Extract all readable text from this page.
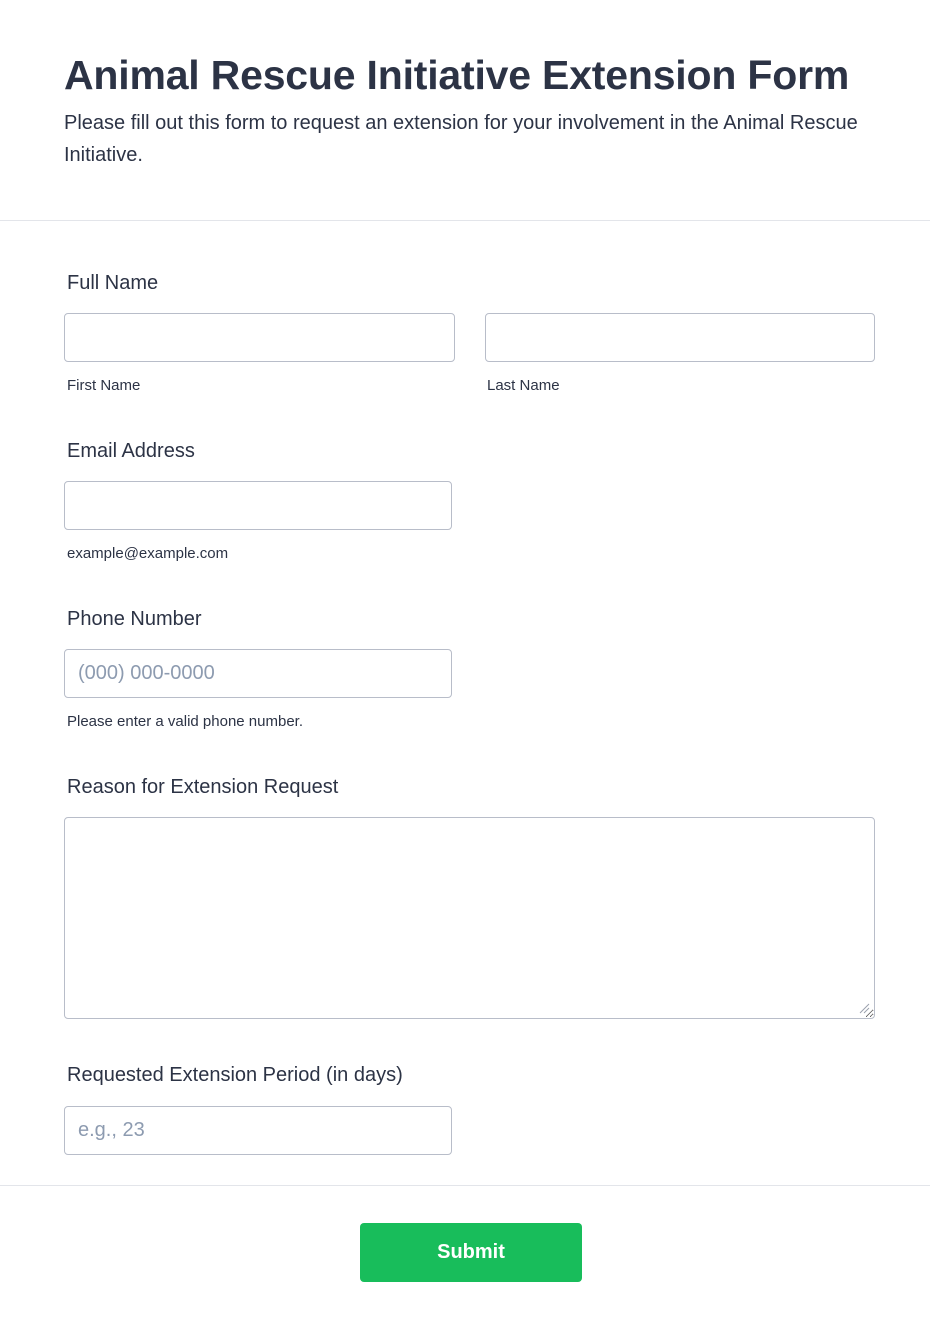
Animal Rescue Initiative Extension Form

Please fill out this form to request an extension for your involvement in the Animal Rescue Initiative.

Full Name
First Name	Last Name
Email Address
example@example.com
Phone Number
(000) 000-0000
Please enter a valid phone number.
Reason for Extension Request
Requested Extension Period (in days)
e.g., 23
Submit
